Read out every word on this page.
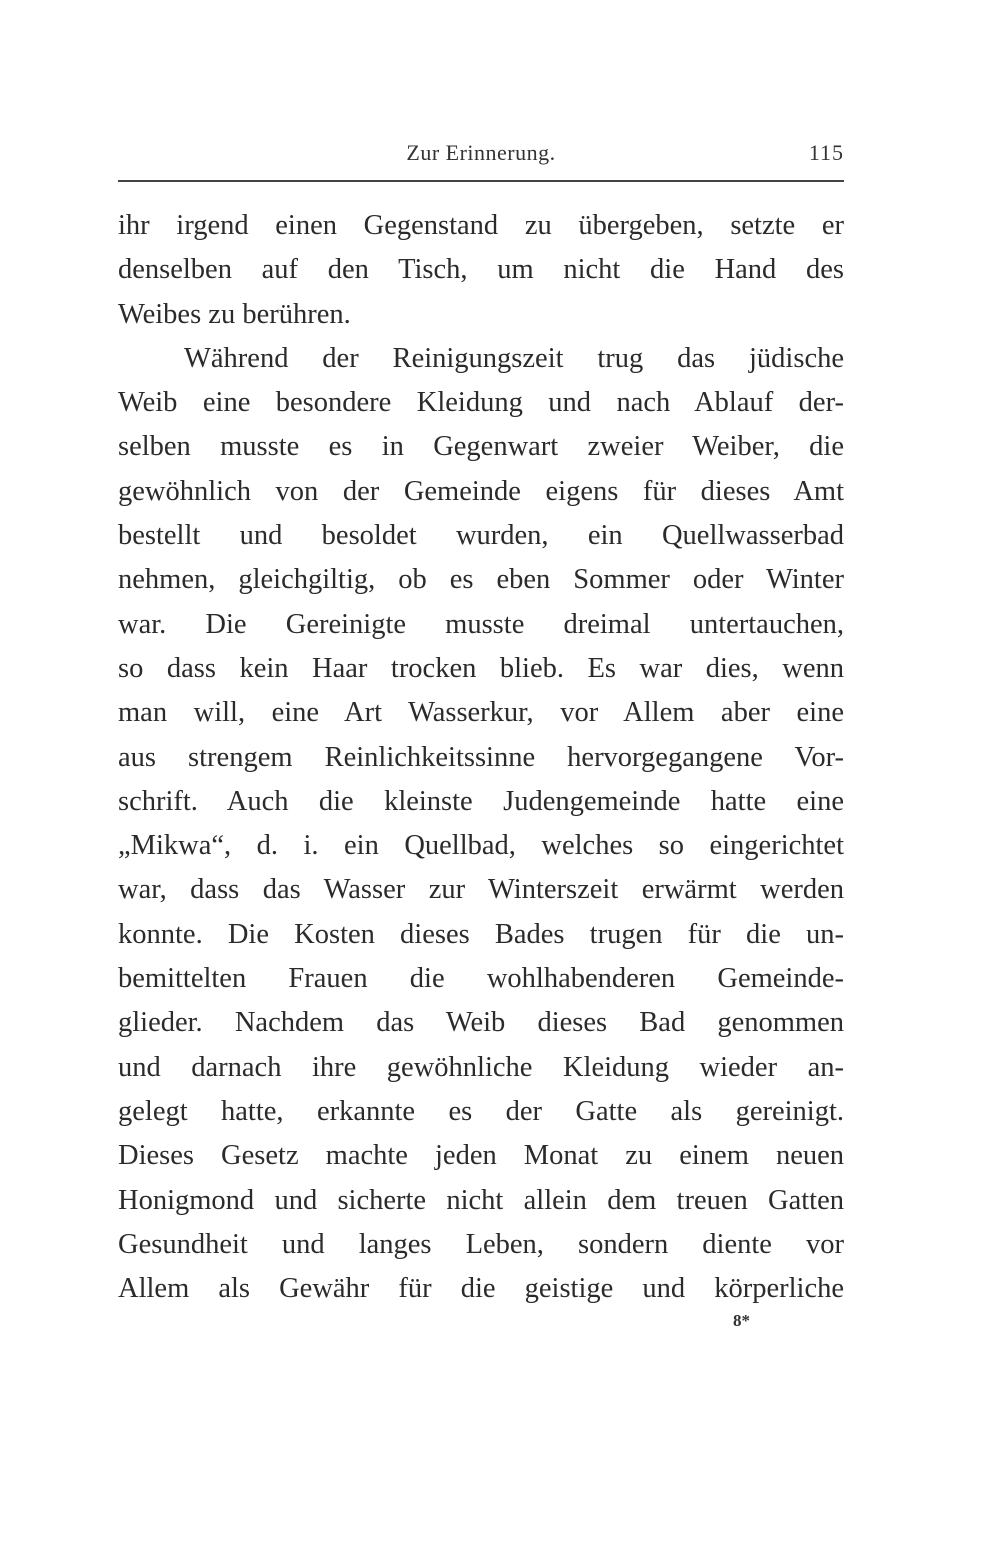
Zur Erinnerung.	115
ihr irgend einen Gegenstand zu übergeben, setzte er
denselben auf den Tisch, um nicht die Hand des
Weibes zu berühren.
Während der Reinigungszeit trug das jüdische
Weib eine besondere Kleidung und nach Ablauf der-
selben musste es in Gegenwart zweier Weiber, die
gewöhnlich von der Gemeinde eigens für dieses Amt
bestellt und besoldet wurden, ein Quellwasserbad
nehmen, gleichgiltig, ob es eben Sommer oder Winter
war. Die Gereinigte musste dreimal untertauchen,
so dass kein Haar trocken blieb. Es war dies, wenn
man will, eine Art Wasserkur, vor Allem aber eine
aus strengem Reinlichkeitssinne hervorgegangene Vor-
schrift. Auch die kleinste Judengemeinde hatte eine
„Mikwa“, d. i. ein Quellbad, welches so eingerichtet
war, dass das Wasser zur Winterszeit erwärmt werden
konnte. Die Kosten dieses Bades trugen für die un-
bemittelten Frauen die wohlhabenderen Gemeinde-
glieder. Nachdem das Weib dieses Bad genommen
und darnach ihre gewöhnliche Kleidung wieder an-
gelegt hatte, erkannte es der Gatte als gereinigt.
Dieses Gesetz machte jeden Monat zu einem neuen
Honigmond und sicherte nicht allein dem treuen Gatten
Gesundheit und langes Leben, sondern diente vor
Allem als Gewähr für die geistige und körperliche
8*
